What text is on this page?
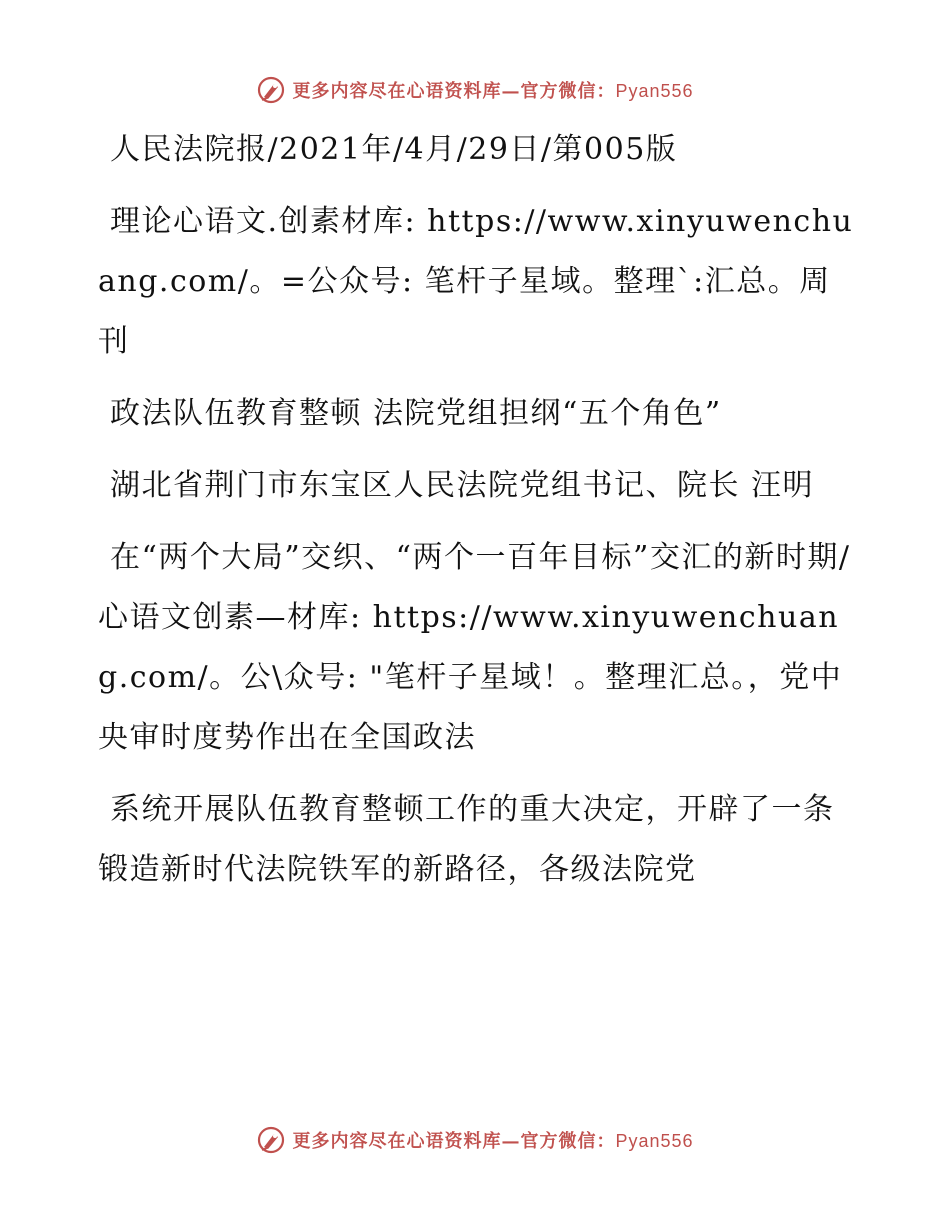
更多内容尽在心语资料库—官方微信：Pyan556

人民法院报/2021年/4月/29日/第005版

理论心语文.创素材库: https://www.xinyuwenchuang.com/。=公众号: 笔杆子星域。整理`:汇总。周刊

政法队伍教育整顿 法院党组担纲“五个角色”

湖北省荆门市东宝区人民法院党组书记、院长 汪明

在“两个大局”交织、“两个一百年目标”交汇的新时期/心语文创素—材库: https://www.xinyuwenchuang.com/。公\众号: "笔杆子星域！。整理汇总。，党中央审时度势作出在全国政法

系统开展队伍教育整顿工作的重大决定，开辟了一条锻造新时代法院铁军的新路径，各级法院党

更多内容尽在心语资料库—官方微信：Pyan556
